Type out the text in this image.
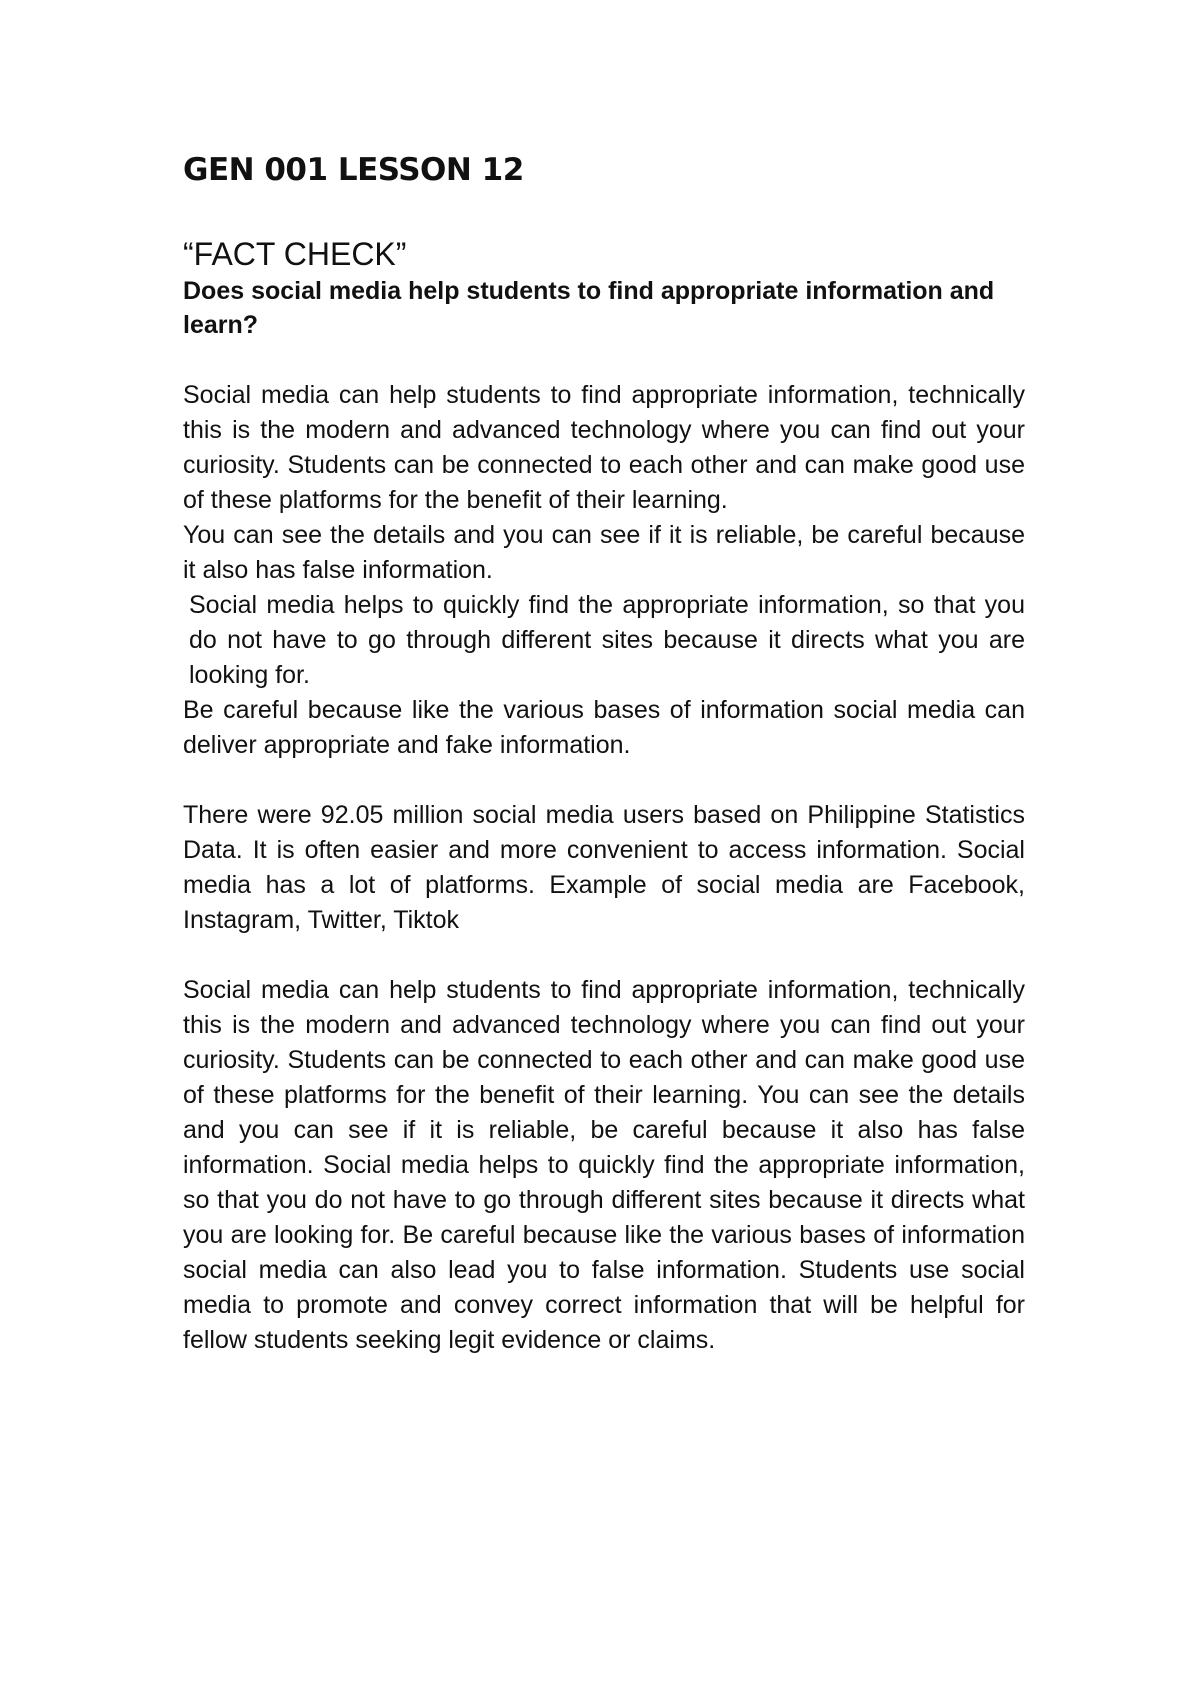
GEN 001 LESSON 12
“FACT CHECK”

Does social media help students to find appropriate information and learn?

Social media can help students to find appropriate information, technically this is the modern and advanced technology where you can find out your curiosity. Students can be connected to each other and can make good use of these platforms for the benefit of their learning.

You can see the details and you can see if it is reliable, be careful because it also has false information.

Social media helps to quickly find the appropriate information, so that you do not have to go through different sites because it directs what you are looking for.

Be careful because like the various bases of information social media can deliver appropriate and fake information.

There were 92.05 million social media users based on Philippine Statistics Data. It is often easier and more convenient to access information. Social media has a lot of platforms. Example of social media are Facebook, Instagram, Twitter, Tiktok

Social media can help students to find appropriate information, technically this is the modern and advanced technology where you can find out your curiosity. Students can be connected to each other and can make good use of these platforms for the benefit of their learning. You can see the details and you can see if it is reliable, be careful because it also has false information. Social media helps to quickly find the appropriate information, so that you do not have to go through different sites because it directs what you are looking for. Be careful because like the various bases of information social media can also lead you to false information. Students use social media to promote and convey correct information that will be helpful for fellow students seeking legit evidence or claims.
